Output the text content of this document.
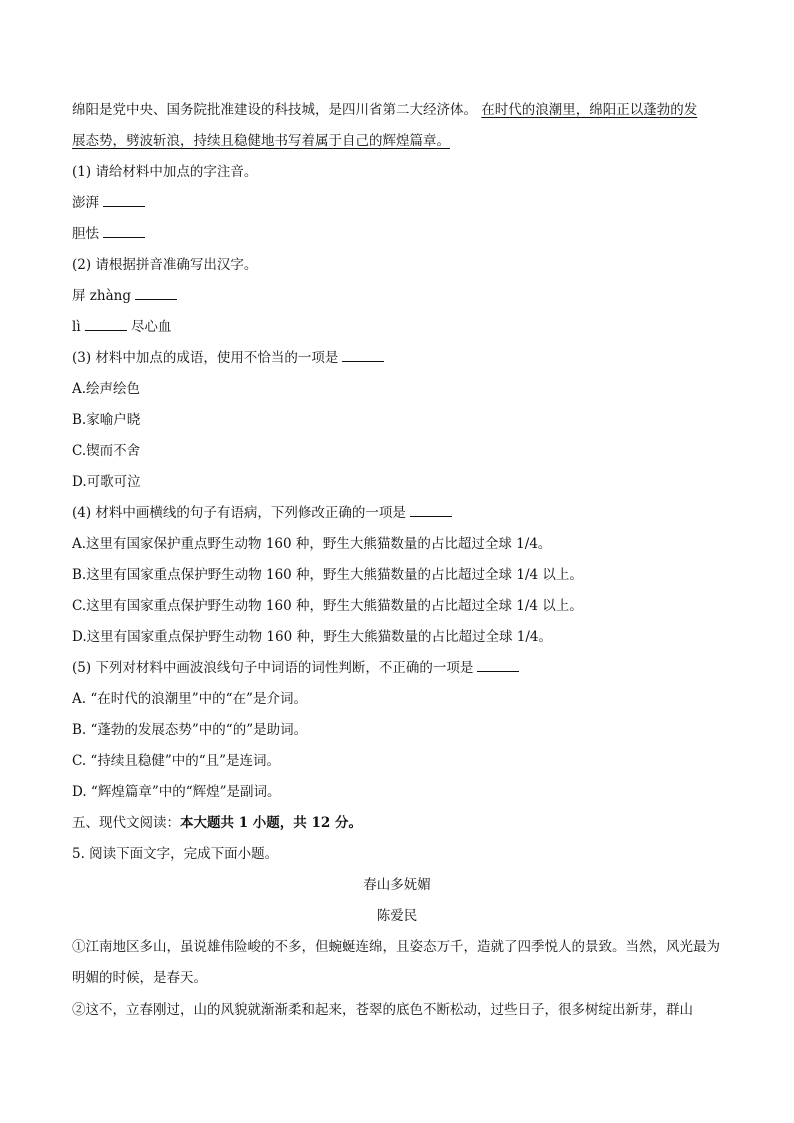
绵阳是党中央、国务院批准建设的科技城，是四川省第二大经济体。 在时代的浪潮里，绵阳正以蓬勃的发
展态势，劈波斩浪，持续且稳健地书写着属于自己的辉煌篇章。
(1) 请给材料中加点的字注音。
澎湃
胆怯
(2) 请根据拼音准确写出汉字。
屏 zhàng
lì	尽心血
(3) 材料中加点的成语，使用不恰当的一项是
A.绘声绘色
B.家喻户晓
C.锲而不舍
D.可歌可泣
(4) 材料中画横线的句子有语病，下列修改正确的一项是
A.这里有国家保护重点野生动物 160 种，野生大熊猫数量的占比超过全球 1/4。
B.这里有国家重点保护野生动物 160 种，野生大熊猫数量的占比超过全球 1/4 以上。
C.这里有国家重点保护野生动物 160 种，野生大熊猫数量的占比超过全球 1/4 以上。
D.这里有国家重点保护野生动物 160 种，野生大熊猫数量的占比超过全球 1/4。
(5) 下列对材料中画波浪线句子中词语的词性判断，不正确的一项是
A. “在时代的浪潮里”中的“在”是介词。
B. “蓬勃的发展态势”中的“的”是助词。
C. “持续且稳健”中的“且”是连词。
D. “辉煌篇章”中的“辉煌”是副词。
五、现代文阅读：本大题共 1 小题，共 12 分。
5. 阅读下面文字，完成下面小题。
春山多妩媚
陈爱民
①江南地区多山，虽说雄伟险峻的不多，但蜿蜒连绵，且姿态万千，造就了四季悦人的景致。当然，风光最为明媚的时候，是春天。
②这不，立春刚过，山的风貌就渐渐柔和起来，苍翠的底色不断松动，过些日子，很多树绽出新芽，群山
